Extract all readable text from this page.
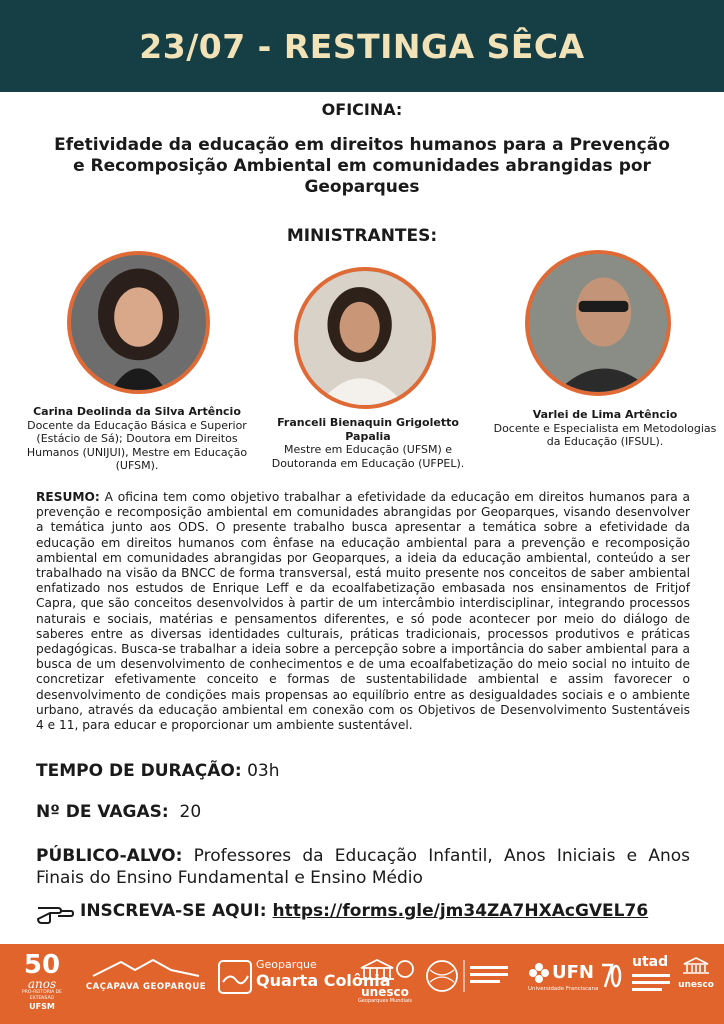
23/07 - RESTINGA SÊCA
OFICINA:
Efetividade da educação em direitos humanos para a Prevenção e Recomposição Ambiental em comunidades abrangidas por Geoparques
MINISTRANTES:
Carina Deolinda da Silva Artêncio
Docente da Educação Básica e Superior (Estácio de Sá); Doutora em Direitos Humanos (UNIJUI), Mestre em Educação (UFSM).
Franceli Bienaquin Grigoletto Papalia
Mestre em Educação (UFSM) e Doutoranda em Educação (UFPEL).
Varlei de Lima Artêncio
Docente e Especialista em Metodologias da Educação (IFSUL).
RESUMO: A oficina tem como objetivo trabalhar a efetividade da educação em direitos humanos para a prevenção e recomposição ambiental em comunidades abrangidas por Geoparques, visando desenvolver a temática junto aos ODS. O presente trabalho busca apresentar a temática sobre a efetividade da educação em direitos humanos com ênfase na educação ambiental para a prevenção e recomposição ambiental em comunidades abrangidas por Geoparques, a ideia da educação ambiental, conteúdo a ser trabalhado na visão da BNCC de forma transversal, está muito presente nos conceitos de saber ambiental enfatizado nos estudos de Enrique Leff e da ecoalfabetização embasada nos ensinamentos de Fritjof Capra, que são conceitos desenvolvidos à partir de um intercâmbio interdisciplinar, integrando processos naturais e sociais, matérias e pensamentos diferentes, e só pode acontecer por meio do diálogo de saberes entre as diversas identidades culturais, práticas tradicionais, processos produtivos e práticas pedagógicas. Busca-se trabalhar a ideia sobre a percepção sobre a importância do saber ambiental para a busca de um desenvolvimento de conhecimentos e de uma ecoalfabetização do meio social no intuito de concretizar efetivamente conceito e formas de sustentabilidade ambiental e assim favorecer o desenvolvimento de condições mais propensas ao equilíbrio entre as desigualdades sociais e o ambiente urbano, através da educação ambiental em conexão com os Objetivos de Desenvolvimento Sustentáveis 4 e 11, para educar e proporcionar um ambiente sustentável.
TEMPO DE DURAÇÃO: 03h
Nº DE VAGAS: 20
PÚBLICO-ALVO: Professores da Educação Infantil, Anos Iniciais e Anos Finais do Ensino Fundamental e Ensino Médio
INSCREVA-SE AQUI: https://forms.gle/jm34ZA7HXAcGVEL76
50
anos
PRÓ-REITORIA DE EXTENSÃO
UFSM
CAÇAPAVA GEOPARQUE
Geoparque
Quarta Colônia
unesco
Geoparques Mundiais
UFN
Universidade Franciscana
utad
unesco
